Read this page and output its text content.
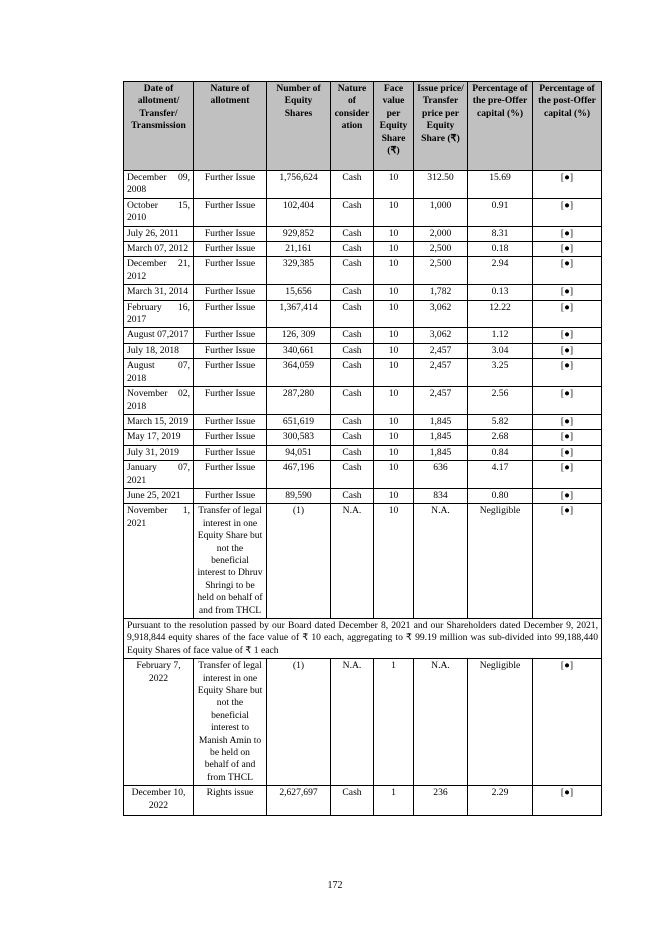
Date of allotment/ Transfer/ Transmission	Nature of allotment	Number of Equity Shares	Nature of consider ation	Face value per Equity Share (₹)	Issue price/ Transfer price per Equity Share (₹)	Percentage of the pre-Offer capital (%)	Percentage of the post-Offer capital (%)
December 09, 2008	Further Issue	1,756,624	Cash	10	312.50	15.69	[●]
October 15, 2010	Further Issue	102,404	Cash	10	1,000	0.91	[●]
July 26, 2011	Further Issue	929,852	Cash	10	2,000	8.31	[●]
March 07, 2012	Further Issue	21,161	Cash	10	2,500	0.18	[●]
December 21, 2012	Further Issue	329,385	Cash	10	2,500	2.94	[●]
March 31, 2014	Further Issue	15,656	Cash	10	1,782	0.13	[●]
February 16, 2017	Further Issue	1,367,414	Cash	10	3,062	12.22	[●]
August 07,2017	Further Issue	126, 309	Cash	10	3,062	1.12	[●]
July 18, 2018	Further Issue	340,661	Cash	10	2,457	3.04	[●]
August 07, 2018	Further Issue	364,059	Cash	10	2,457	3.25	[●]
November 02, 2018	Further Issue	287,280	Cash	10	2,457	2.56	[●]
March 15, 2019	Further Issue	651,619	Cash	10	1,845	5.82	[●]
May 17, 2019	Further Issue	300,583	Cash	10	1,845	2.68	[●]
July 31, 2019	Further Issue	94,051	Cash	10	1,845	0.84	[●]
January 07, 2021	Further Issue	467,196	Cash	10	636	4.17	[●]
June 25, 2021	Further Issue	89,590	Cash	10	834	0.80	[●]
November 1, 2021	Transfer of legal interest in one Equity Share but not the beneficial interest to Dhruv Shringi to be held on behalf of and from THCL	(1)	N.A.	10	N.A.	Negligible	[●]
Pursuant to the resolution passed by our Board dated December 8, 2021 and our Shareholders dated December 9, 2021, 9,918,844 equity shares of the face value of ₹ 10 each, aggregating to ₹ 99.19 million was sub-divided into 99,188,440 Equity Shares of face value of ₹ 1 each							
February 7, 2022	Transfer of legal interest in one Equity Share but not the beneficial interest to Manish Amin to be held on behalf of and from THCL	(1)	N.A.	1	N.A.	Negligible	[●]
December 10, 2022	Rights issue	2,627,697	Cash	1	236	2.29	[●]
172
